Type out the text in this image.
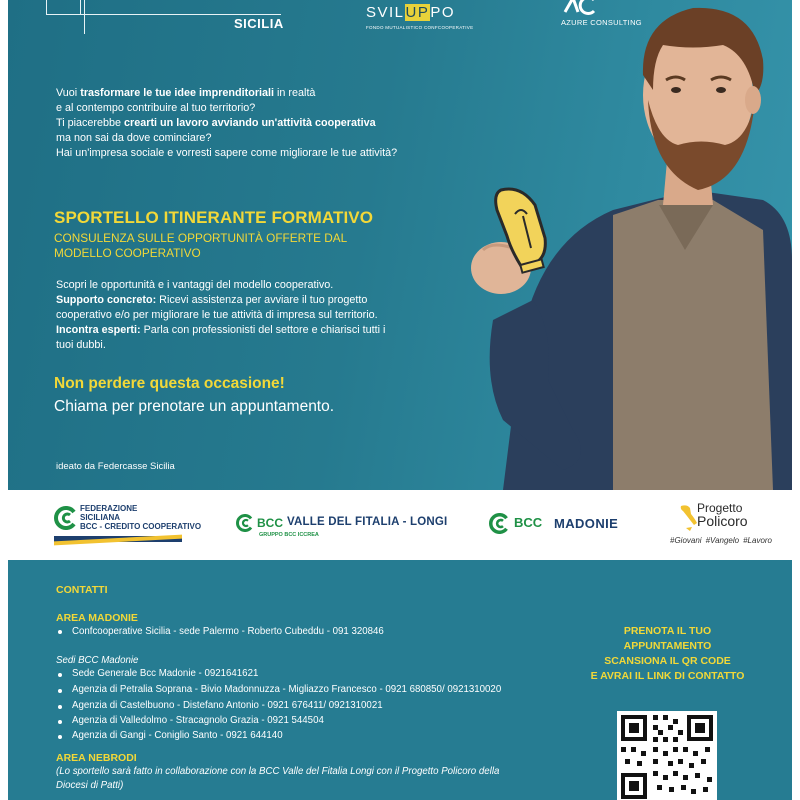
SICILIA
SVILUPPO
FONDO MUTUALISTICO CONFCOOPERATIVE
AZURE CONSULTING
Vuoi trasformare le tue idee imprenditoriali in realtà
e al contempo contribuire al tuo territorio?
Ti piacerebbe crearti un lavoro avviando un'attività cooperativa
ma non sai da dove cominciare?
Hai un'impresa sociale e vorresti sapere come migliorare le tue attività?
SPORTELLO ITINERANTE FORMATIVO
CONSULENZA SULLE OPPORTUNITÀ OFFERTE DAL
MODELLO COOPERATIVO
Scopri le opportunità e i vantaggi del modello cooperativo.
Supporto concreto: Ricevi assistenza per avviare il tuo progetto
cooperativo e/o per migliorare le tue attività di impresa sul territorio.
Incontra esperti: Parla con professionisti del settore e chiarisci tutti i
tuoi dubbi.
Non perdere questa occasione!
Chiama per prenotare un appuntamento.
ideato da Federcasse Sicilia
FEDERAZIONE
SICILIANA
BCC - CREDITO COOPERATIVO	BCC VALLE DEL FITALIA - LONGI
GRUPPO BCC ICCREA
BCC MADONIE
Progetto
Policoro
#Giovani #Vangelo #Lavoro
CONTATTI
AREA MADONIE
Confcooperative Sicilia - sede Palermo - Roberto Cubeddu - 091 320846
Sedi BCC Madonie
Sede Generale Bcc Madonie - 0921641621
Agenzia di Petralia Soprana - Bivio Madonnuzza - Migliazzo Francesco - 0921 680850/ 0921310020
Agenzia di Castelbuono - Distefano Antonio - 0921 676411/ 0921310021
Agenzia di Valledolmo - Stracagnolo Grazia - 0921 544504
Agenzia di Gangi - Coniglio Santo - 0921 644140
AREA NEBRODI
(Lo sportello sarà fatto in collaborazione con la BCC Valle del Fitalia Longi con il Progetto Policoro della
Diocesi di Patti)
PRENOTA IL TUO
APPUNTAMENTO
SCANSIONA IL QR CODE
E AVRAI IL LINK DI CONTATTO
